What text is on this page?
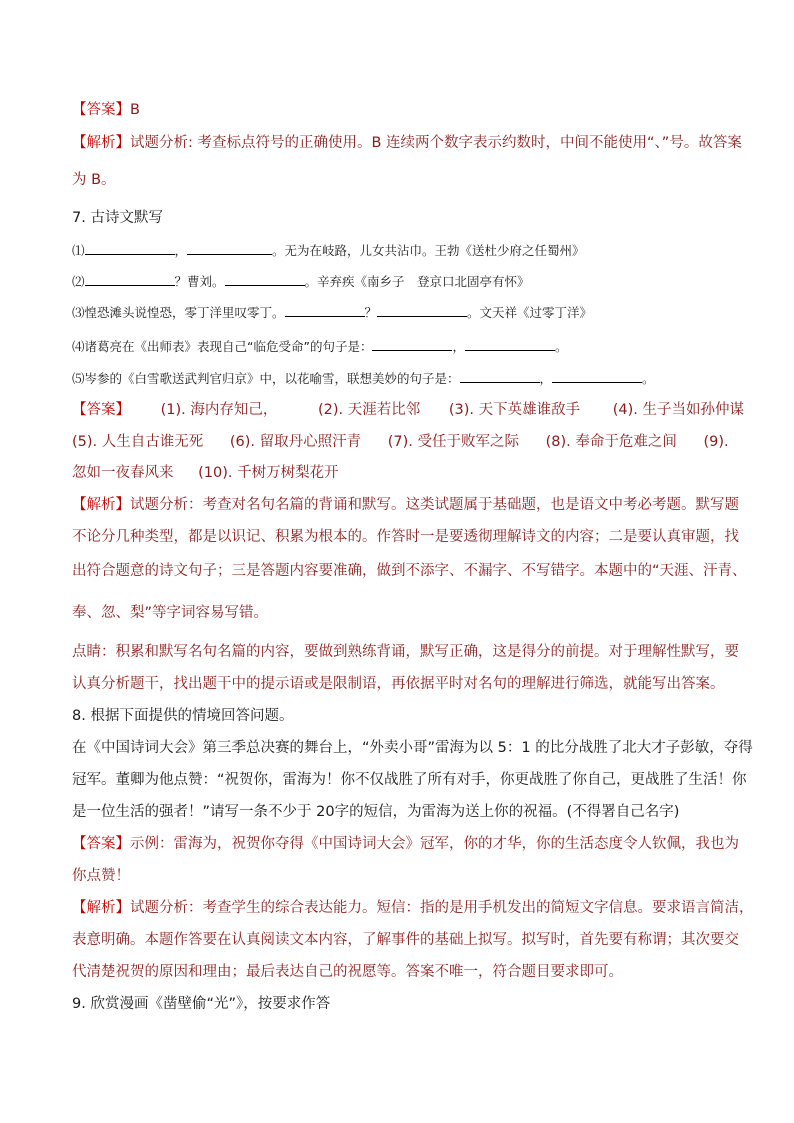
【答案】B
【解析】试题分析: 考查标点符号的正确使用。B 连续两个数字表示约数时，中间不能使用“、”号。故答案
为 B。
7. 古诗文默写
⑴	，	。无为在岐路，儿女共沾巾。王勃《送杜少府之任蜀州》
⑵	？曹刘。	。辛弃疾《南乡子　登京口北固亭有怀》
⑶惶恐滩头说惶恐，零丁洋里叹零丁。	？	。文天祥《过零丁洋》
⑷诸葛亮在《出师表》表现自己“临危受命”的句子是：	，	。
⑸岑参的《白雪歌送武判官归京》中，以花喻雪，联想美妙的句子是：	，	。
【答案】 (1). 海内存知己，	(2). 天涯若比邻 (3). 天下英雄谁敌手 (4). 生子当如孙仲谋
(5). 人生自古谁无死 (6). 留取丹心照汗青 (7). 受任于败军之际 (8). 奉命于危难之间 (9).
忽如一夜春风来 (10). 千树万树梨花开
【解析】试题分析：考查对名句名篇的背诵和默写。这类试题属于基础题，也是语文中考必考题。默写题
不论分几种类型，都是以识记、积累为根本的。作答时一是要透彻理解诗文的内容；二是要认真审题，找
出符合题意的诗文句子；三是答题内容要准确，做到不添字、不漏字、不写错字。本题中的“天涯、汗青、
奉、忽、梨”等字词容易写错。
点睛：积累和默写名句名篇的内容，要做到熟练背诵，默写正确，这是得分的前提。对于理解性默写，要
认真分析题干，找出题干中的提示语或是限制语，再依据平时对名句的理解进行筛选，就能写出答案。
8. 根据下面提供的情境回答问题。
在《中国诗词大会》第三季总决赛的舞台上，“外卖小哥”雷海为以 5：1 的比分战胜了北大才子彭敏，夺得
冠军。董卿为他点赞：“祝贺你，雷海为！你不仅战胜了所有对手，你更战胜了你自己，更战胜了生活！你
是一位生活的强者！”请写一条不少于 20字的短信，为雷海为送上你的祝福。(不得署自己名字)
【答案】示例：雷海为，祝贺你夺得《中国诗词大会》冠军，你的才华，你的生活态度令人钦佩，我也为
你点赞！
【解析】试题分析：考查学生的综合表达能力。短信：指的是用手机发出的简短文字信息。要求语言简洁，
表意明确。本题作答要在认真阅读文本内容，了解事件的基础上拟写。拟写时，首先要有称谓；其次要交
代清楚祝贺的原因和理由；最后表达自己的祝愿等。答案不唯一，符合题目要求即可。
9. 欣赏漫画《凿壁偷“光”》，按要求作答
